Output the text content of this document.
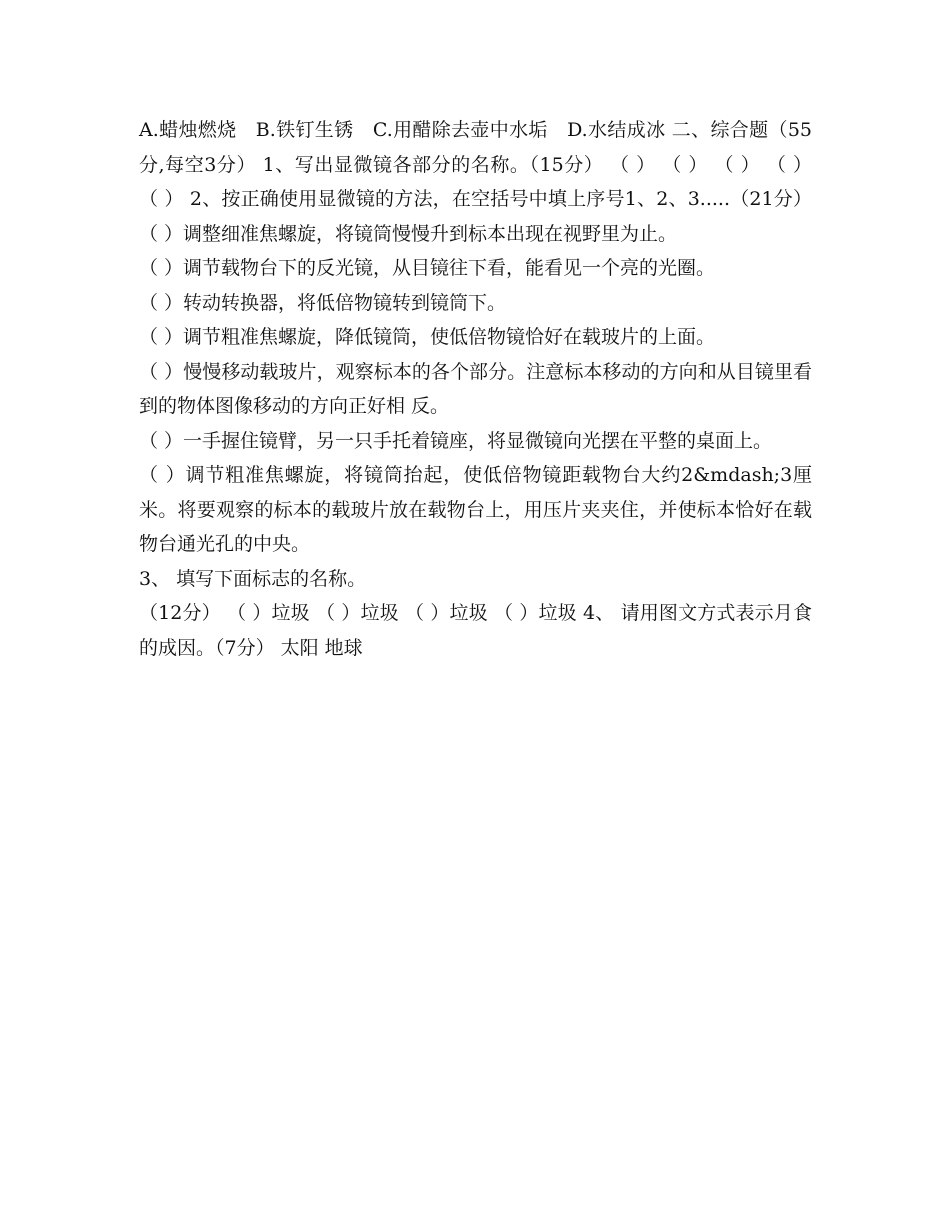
A.蜡烛燃烧　B.铁钉生锈　C.用醋除去壶中水垢　D.水结成冰 二、综合题（55分,每空3分） 1、写出显微镜各部分的名称。（15分） （ ） （ ） （ ） （ ） （ ） 2、按正确使用显微镜的方法，在空括号中填上序号1、2、3.....（21分） （ ）调整细准焦螺旋，将镜筒慢慢升到标本出现在视野里为止。

（ ）调节载物台下的反光镜，从目镜往下看，能看见一个亮的光圈。

（ ）转动转换器，将低倍物镜转到镜筒下。

（ ）调节粗准焦螺旋，降低镜筒，使低倍物镜恰好在载玻片的上面。

（ ）慢慢移动载玻片，观察标本的各个部分。注意标本移动的方向和从目镜里看到的物体图像移动的方向正好相 反。

（ ）一手握住镜臂，另一只手托着镜座，将显微镜向光摆在平整的桌面上。

（ ）调节粗准焦螺旋，将镜筒抬起，使低倍物镜距载物台大约2&mdash;3厘米。将要观察的标本的载玻片放在载物台上，用压片夹夹住，并使标本恰好在载物台通光孔的中央。

3、 填写下面标志的名称。

（12分） （ ）垃圾 （ ）垃圾 （ ）垃圾 （ ）垃圾 4、 请用图文方式表示月食的成因。（7分） 太阳 地球
